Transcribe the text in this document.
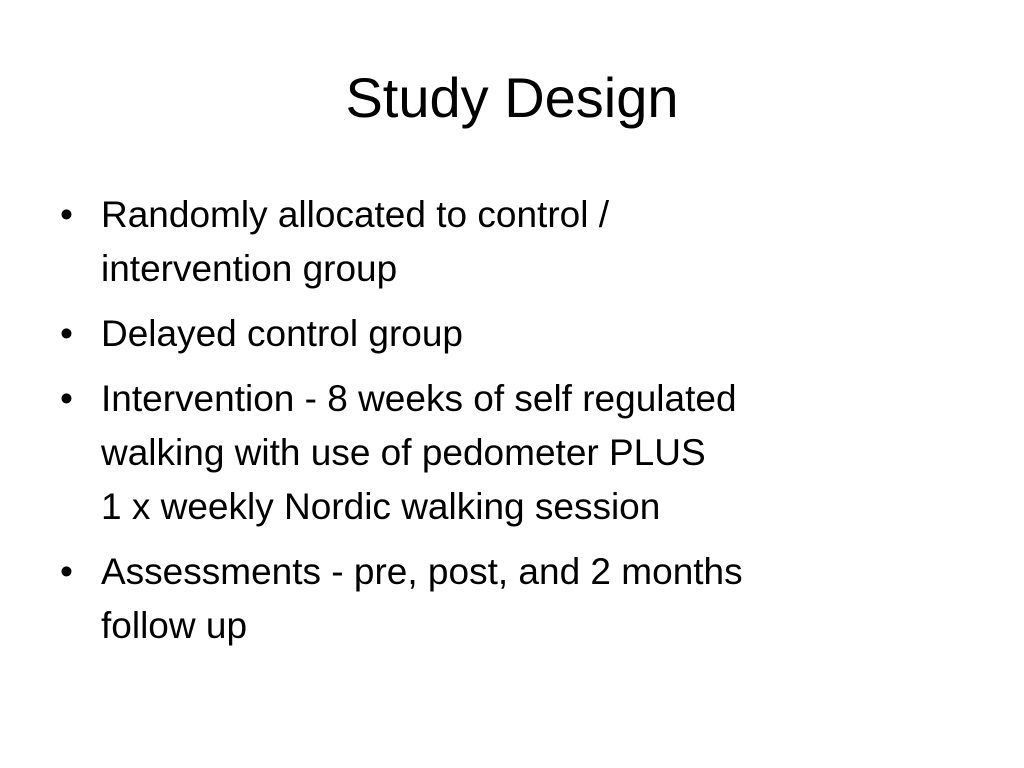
Study Design
• Randomly allocated to control /
intervention group
• Delayed control group
• Intervention - 8 weeks of self regulated
walking with use of pedometer PLUS
1 x weekly Nordic walking session
• Assessments - pre, post, and 2 months
follow up
